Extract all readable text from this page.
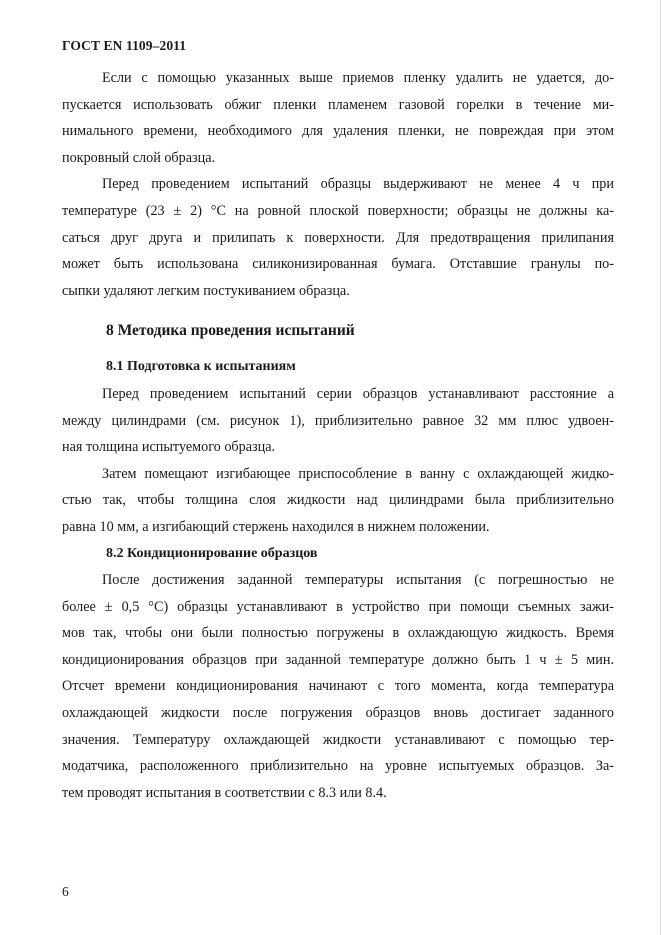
ГОСТ EN 1109–2011

Если с помощью указанных выше приемов пленку удалить не удается, до-
пускается использовать обжиг пленки пламенем газовой горелки в течение ми-
нимального времени, необходимого для удаления пленки, не повреждая при этом
покровный слой образца.

Перед проведением испытаний образцы выдерживают не менее 4 ч при
температуре (23 ± 2) °С на ровной плоской поверхности; образцы не должны ка-
саться друг друга и прилипать к поверхности. Для предотвращения прилипания
может быть использована силиконизированная бумага. Отставшие гранулы по-
сыпки удаляют легким постукиванием образца.

8 Методика проведения испытаний
8.1 Подготовка к испытаниям

Перед проведением испытаний серии образцов устанавливают расстояние а
между цилиндрами (см. рисунок 1), приблизительно равное 32 мм плюс удвоен-
ная толщина испытуемого образца.

Затем помещают изгибающее приспособление в ванну с охлаждающей жидко-
стью так, чтобы толщина слоя жидкости над цилиндрами была приблизительно
равна 10 мм, а изгибающий стержень находился в нижнем положении.

8.2 Кондиционирование образцов

После достижения заданной температуры испытания (с погрешностью не
более ± 0,5 °С) образцы устанавливают в устройство при помощи съемных зажи-
мов так, чтобы они были полностью погружены в охлаждающую жидкость. Время
кондиционирования образцов при заданной температуре должно быть 1 ч ± 5 мин.
Отсчет времени кондиционирования начинают с того момента, когда температура
охлаждающей жидкости после погружения образцов вновь достигает заданного
значения. Температуру охлаждающей жидкости устанавливают с помощью тер-
модатчика, расположенного приблизительно на уровне испытуемых образцов. За-
тем проводят испытания в соответствии с 8.3 или 8.4.

6
